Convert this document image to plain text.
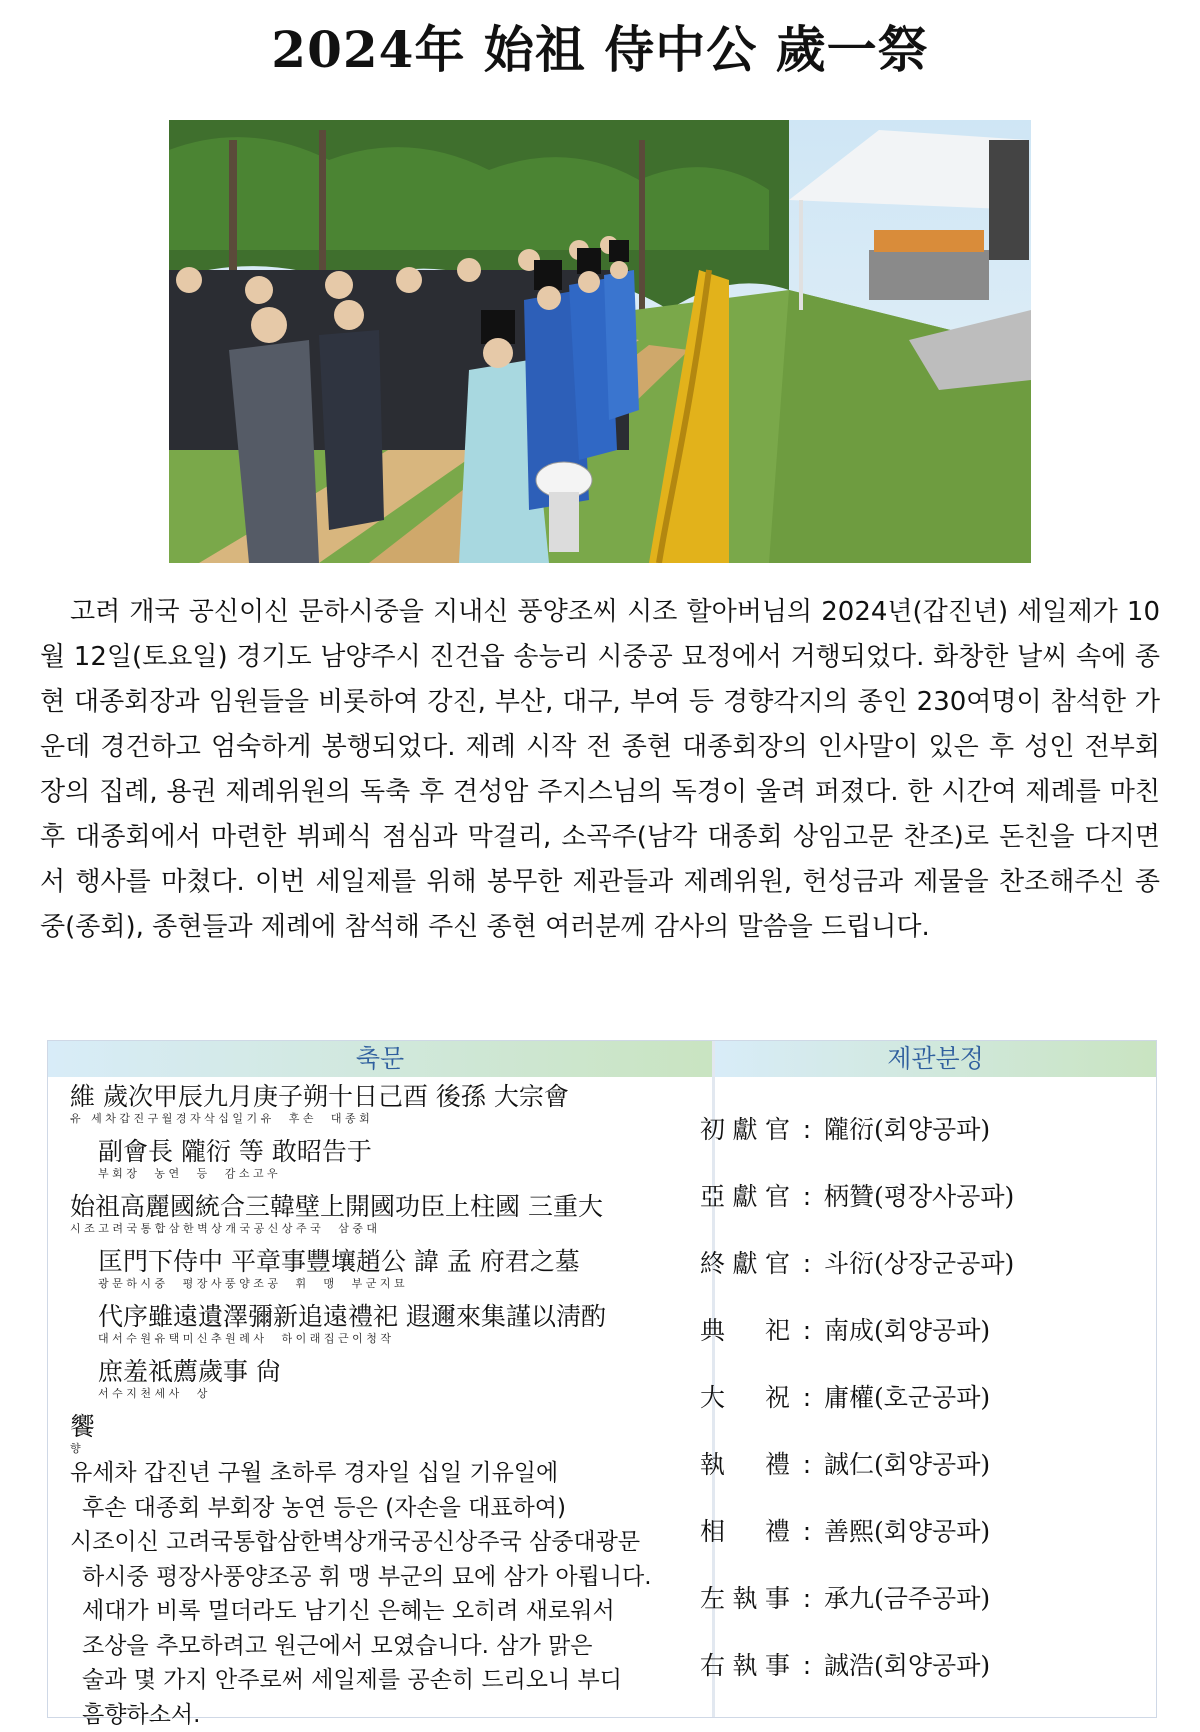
2024年 始祖 侍中公 歲一祭

고려 개국 공신이신 문하시중을 지내신 풍양조씨 시조 할아버님의 2024년(갑진년) 세일제가 10월 12일(토요일) 경기도 남양주시 진건읍 송능리 시중공 묘정에서 거행되었다. 화창한 날씨 속에 종현 대종회장과 임원들을 비롯하여 강진, 부산, 대구, 부여 등 경향각지의 종인 230여명이 참석한 가운데 경건하고 엄숙하게 봉행되었다. 제례 시작 전 종현 대종회장의 인사말이 있은 후 성인 전부회장의 집례, 용권 제례위원의 독축 후 견성암 주지스님의 독경이 울려 퍼졌다. 한 시간여 제례를 마친 후 대종회에서 마련한 뷔페식 점심과 막걸리, 소곡주(남각 대종회 상임고문 찬조)로 돈친을 다지면서 행사를 마쳤다. 이번 세일제를 위해 봉무한 제관들과 제례위원, 헌성금과 제물을 찬조해주신 종중(종회), 종현들과 제례에 참석해 주신 종현 여러분께 감사의 말씀을 드립니다.

축문	제관분정
維 歲次甲辰九月庚子朔十日己酉 後孫 大宗會
유   세 차 갑 진 구 월 경 자 삭 십 일 기 유     후 손     대 종 회
副會長 隴衍 等 敢昭告于
부 회 장     농 연     등     감 소 고 우
始祖高麗國統合三韓壁上開國功臣上柱國 三重大
시 조 고 려 국 통 합 삼 한 벽 상 개 국 공 신 상 주 국     삼 중 대
匡門下侍中 平章事豐壤趙公 諱 孟 府君之墓
광 문 하 시 중     평 장 사 풍 양 조 공     휘     맹     부 군 지 묘
代序雖遠遺澤彌新追遠禮祀 遐邇來集謹以淸酌
대 서 수 원 유 택 미 신 추 원 례 사     하 이 래 집 근 이 청 작
庶羞祗薦歲事 尙
서 수 지 천 세 사     상
饗
향

유세차 갑진년 구월 초하루 경자일 십일 기유일에

후손 대종회 부회장 농연 등은 (자손을 대표하여)

시조이신 고려국통합삼한벽상개국공신상주국 삼중대광문

하시중 평장사풍양조공 휘 맹 부군의 묘에 삼가 아룁니다.

세대가 비록 멀더라도 남기신 은혜는 오히려 새로워서

조상을 추모하려고 원근에서 모였습니다. 삼가 맑은

술과 몇 가지 안주로써 세일제를 공손히 드리오니 부디

흠향하소서.

初獻官 : 隴衍(회양공파)
亞獻官 : 柄贊(평장사공파)
終獻官 : 斗衍(상장군공파)
典祀 : 南成(회양공파)
大祝 : 庸權(호군공파)
執禮 : 誠仁(회양공파)
相禮 : 善熙(회양공파)
左執事 : 承九(금주공파)
右執事 : 誠浩(회양공파)
